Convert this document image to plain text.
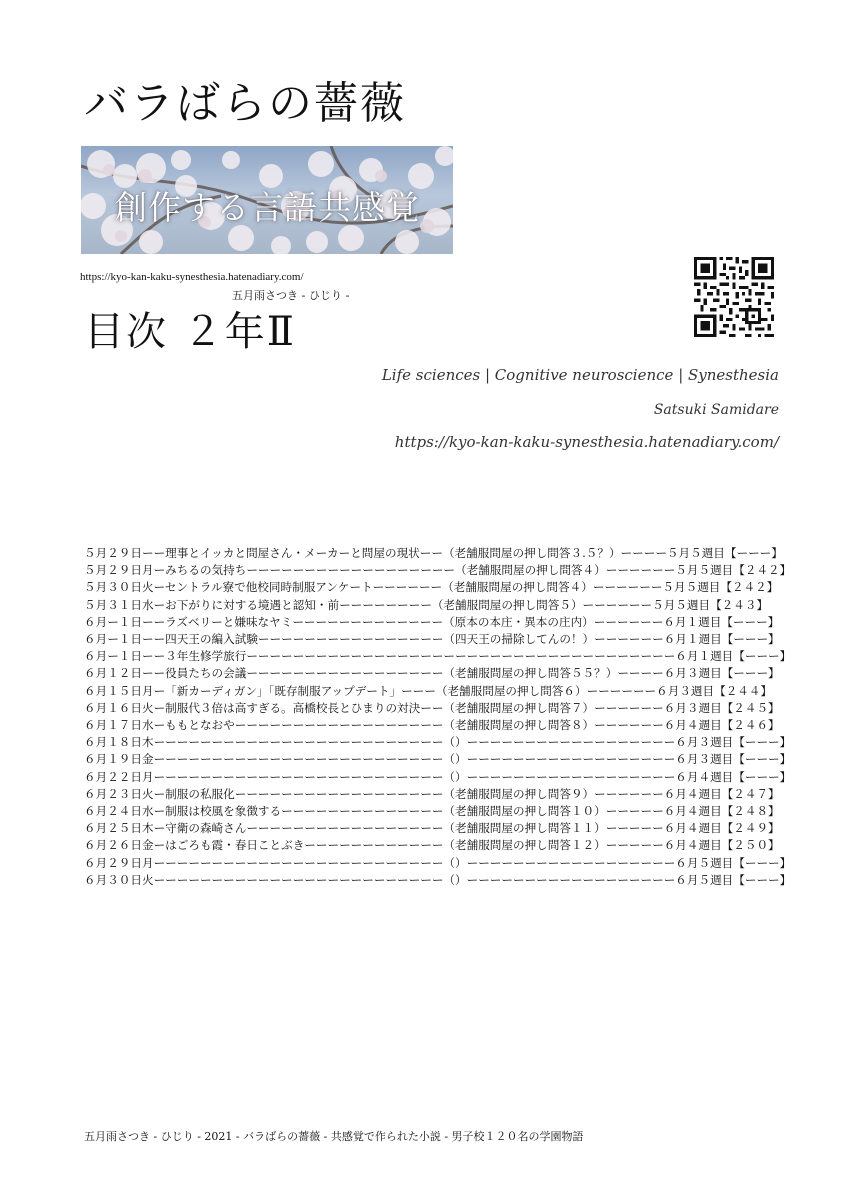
バラばらの薔薇
創作する言語共感覚
https://kyo-kan-kaku-synesthesia.hatenadiary.com/
五月雨さつき - ひじり -
目次 ２年Ⅱ
Life sciences | Cognitive neuroscience | Synesthesia
Satsuki Samidare
https://kyo-kan-kaku-synesthesia.hatenadiary.com/
５月２９日ーー理事とイッカと問屋さん・メーカーと問屋の現状ーー（老舗服問屋の押し問答３.５？）ーーーー５月５週目【ーーー】
５月２９日月ーみちるの気持ちーーーーーーーーーーーーーーーーーー（老舗服問屋の押し問答４）ーーーーーー５月５週目【２４２】
５月３０日火ーセントラル寮で他校同時制服アンケートーーーーーー（老舗服問屋の押し問答４）ーーーーーー５月５週目【２４２】
５月３１日水ーお下がりに対する境遇と認知・前ーーーーーーーー（老舗服問屋の押し問答５）ーーーーーー５月５週目【２４３】
６月ー１日ーーラズベリーと嫌味なヤミーーーーーーーーーーーーー（原本の本庄・異本の庄内）ーーーーーー６月１週目【ーーー】
６月ー１日ーー四天王の編入試験ーーーーーーーーーーーーーーーー（四天王の掃除してんの！）ーーーーーー６月１週目【ーーー】
６月ー１日ーー３年生修学旅行ーーーーーーーーーーーーーーーーーーーーーーーーーーーーーーーーーーーーー６月１週目【ーーー】
６月１２日ーー役員たちの会議ーーーーーーーーーーーーーーーーー（老舗服問屋の押し問答５５？）ーーーー６月３週目【ーーー】
６月１５日月ー「新カーディガン」「既存制服アップデート」ーーー（老舗服問屋の押し問答６）ーーーーーー６月３週目【２４４】
６月１６日火ー制服代３倍は高すぎる。高橋校長とひまりの対決ーー（老舗服問屋の押し問答７）ーーーーーー６月３週目【２４５】
６月１７日水ーももとなおやーーーーーーーーーーーーーーーーーー（老舗服問屋の押し問答８）ーーーーーー６月４週目【２４６】
６月１８日木ーーーーーーーーーーーーーーーーーーーーーーーーー（）ーーーーーーーーーーーーーーーーーー６月３週目【ーーー】
６月１９日金ーーーーーーーーーーーーーーーーーーーーーーーーー（）ーーーーーーーーーーーーーーーーーー６月３週目【ーーー】
６月２２日月ーーーーーーーーーーーーーーーーーーーーーーーーー（）ーーーーーーーーーーーーーーーーーー６月４週目【ーーー】
６月２３日火ー制服の私服化ーーーーーーーーーーーーーーーーーー（老舗服問屋の押し問答９）ーーーーーー６月４週目【２４７】
６月２４日水ー制服は校風を象徴するーーーーーーーーーーーーーー（老舗服問屋の押し問答１０）ーーーーー６月４週目【２４８】
６月２５日木ー守衛の森崎さんーーーーーーーーーーーーーーーーー（老舗服問屋の押し問答１１）ーーーーー６月４週目【２４９】
６月２６日金ーはごろも霞・春日ことぶきーーーーーーーーーーーー（老舗服問屋の押し問答１２）ーーーーー６月４週目【２５０】
６月２９日月ーーーーーーーーーーーーーーーーーーーーーーーーー（）ーーーーーーーーーーーーーーーーーー６月５週目【ーーー】
６月３０日火ーーーーーーーーーーーーーーーーーーーーーーーーー（）ーーーーーーーーーーーーーーーーーー６月５週目【ーーー】
五月雨さつき - ひじり - 2021 - バラばらの薔薇 - 共感覚で作られた小説 - 男子校１２０名の学園物語
